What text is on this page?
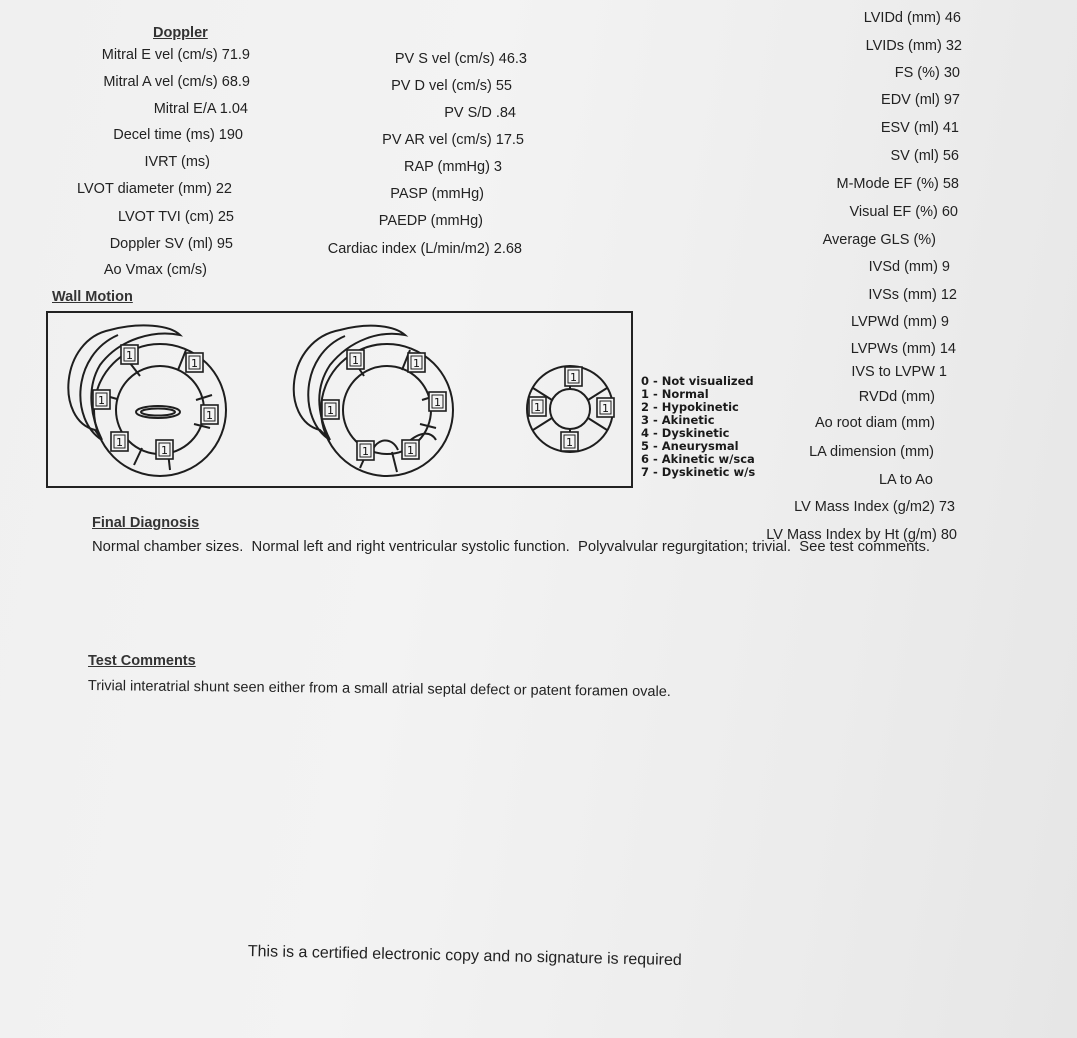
Doppler
Mitral E vel (cm/s) 71.9
Mitral A vel (cm/s) 68.9
Mitral E/A 1.04
Decel time (ms) 190
IVRT (ms)
LVOT diameter (mm) 22
LVOT TVI (cm) 25
Doppler SV (ml) 95
Ao Vmax (cm/s)
PV S vel (cm/s) 46.3
PV D vel (cm/s) 55
PV S/D .84
PV AR vel (cm/s) 17.5
RAP (mmHg) 3
PASP (mmHg)
PAEDP (mmHg)
Cardiac index (L/min/m2) 2.68
LVIDd (mm) 46
LVIDs (mm) 32
FS (%) 30
EDV (ml) 97
ESV (ml) 41
SV (ml) 56
M-Mode EF (%) 58
Visual EF (%) 60
Average GLS (%)
IVSd (mm) 9
IVSs (mm) 12
LVPWd (mm) 9
LVPWs (mm) 14
IVS to LVPW 1
RVDd (mm)
Ao root diam (mm)
LA dimension (mm)
LA to Ao
LV Mass Index (g/m2) 73
LV Mass Index by Ht (g/m) 80
Wall Motion
1
1
1
1
1
1
1	1
1
1
1	1
1
1	1
1
0 - Not visualized
1 - Normal
2 - Hypokinetic
3 - Akinetic
4 - Dyskinetic
5 - Aneurysmal
6 - Akinetic w/sca
7 - Dyskinetic w/s
Final Diagnosis
Normal chamber sizes.  Normal left and right ventricular systolic function.  Polyvalvular regurgitation; trivial.  See test comments.
Test Comments
Trivial interatrial shunt seen either from a small atrial septal defect or patent foramen ovale.
This is a certified electronic copy and no signature is required
